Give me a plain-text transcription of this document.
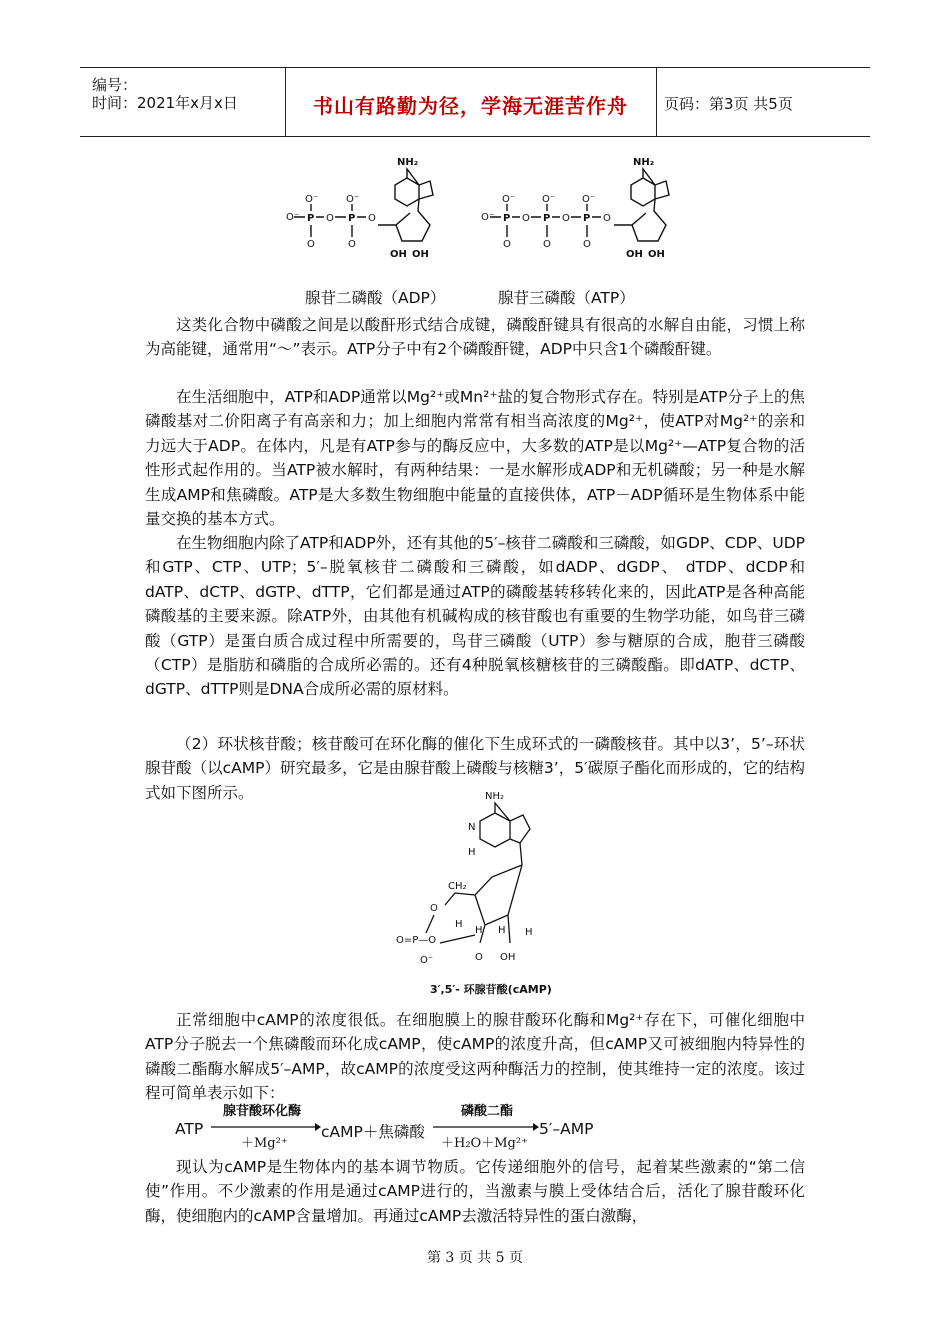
编号：
时间：2021年x月x日	书山有路勤为径，学海无涯苦作舟	页码：第3页 共5页
NH₂
O⁻	O⁻
O⁻ P O P O
O	O
OH OH
NH₂
O⁻	O⁻	O⁻
O⁻ P O P O P O
O	O	O
OH OH
腺苷二磷酸（ADP）	腺苷三磷酸（ATP）

这类化合物中磷酸之间是以酸酐形式结合成键，磷酸酐键具有很高的水解自由能，习惯上称为高能键，通常用“～”表示。ATP分子中有2个磷酸酐键，ADP中只含1个磷酸酐键。

在生活细胞中，ATP和ADP通常以Mg²⁺或Mn²⁺盐的复合物形式存在。特别是ATP分子上的焦磷酸基对二价阳离子有高亲和力；加上细胞内常常有相当高浓度的Mg²⁺，使ATP对Mg²⁺的亲和力远大于ADP。在体内，凡是有ATP参与的酶反应中，大多数的ATP是以Mg²⁺—ATP复合物的活性形式起作用的。当ATP被水解时，有两种结果：一是水解形成ADP和无机磷酸；另一种是水解生成AMP和焦磷酸。ATP是大多数生物细胞中能量的直接供体，ATP－ADP循环是生物体系中能量交换的基本方式。

在生物细胞内除了ATP和ADP外，还有其他的5′–核苷二磷酸和三磷酸，如GDP、CDP、UDP和GTP、CTP、UTP；5′–脱氧核苷二磷酸和三磷酸，如dADP、dGDP、 dTDP、dCDP和dATP、dCTP、dGTP、dTTP，它们都是通过ATP的磷酸基转移转化来的，因此ATP是各种高能磷酸基的主要来源。除ATP外，由其他有机碱构成的核苷酸也有重要的生物学功能，如鸟苷三磷酸（GTP）是蛋白质合成过程中所需要的，鸟苷三磷酸（UTP）参与糖原的合成，胞苷三磷酸（CTP）是脂肪和磷脂的合成所必需的。还有4种脱氧核糖核苷的三磷酸酯。即dATP、dCTP、dGTP、dTTP则是DNA合成所必需的原材料。

（2）环状核苷酸；核苷酸可在环化酶的催化下生成环式的一磷酸核苷。其中以3’，5’–环状腺苷酸（以cAMP）研究最多，它是由腺苷酸上磷酸与核糖3’，5′碳原子酯化而形成的，它的结构式如下图所示。	NH₂
N
H
CH₂
O
O=P—O
O⁻
H
H H H
O OH
3′,5′- 环腺苷酸(cAMP)

正常细胞中cAMP的浓度很低。在细胞膜上的腺苷酸环化酶和Mg²⁺存在下，可催化细胞中ATP分子脱去一个焦磷酸而环化成cAMP，使cAMP的浓度升高，但cAMP又可被细胞内特异性的磷酸二酯酶水解成5′–AMP，故cAMP的浓度受这两种酶活力的控制，使其维持一定的浓度。该过程可简单表示如下：

ATP
腺苷酸环化酶
＋Mg²⁺
cAMP＋焦磷酸
磷酸二酯
＋H₂O＋Mg²⁺
5′–AMP

现认为cAMP是生物体内的基本调节物质。它传递细胞外的信号，起着某些激素的“第二信使”作用。不少激素的作用是通过cAMP进行的，当激素与膜上受体结合后，活化了腺苷酸环化酶，使细胞内的cAMP含量增加。再通过cAMP去激活特异性的蛋白激酶，

第 3 页 共 5 页
